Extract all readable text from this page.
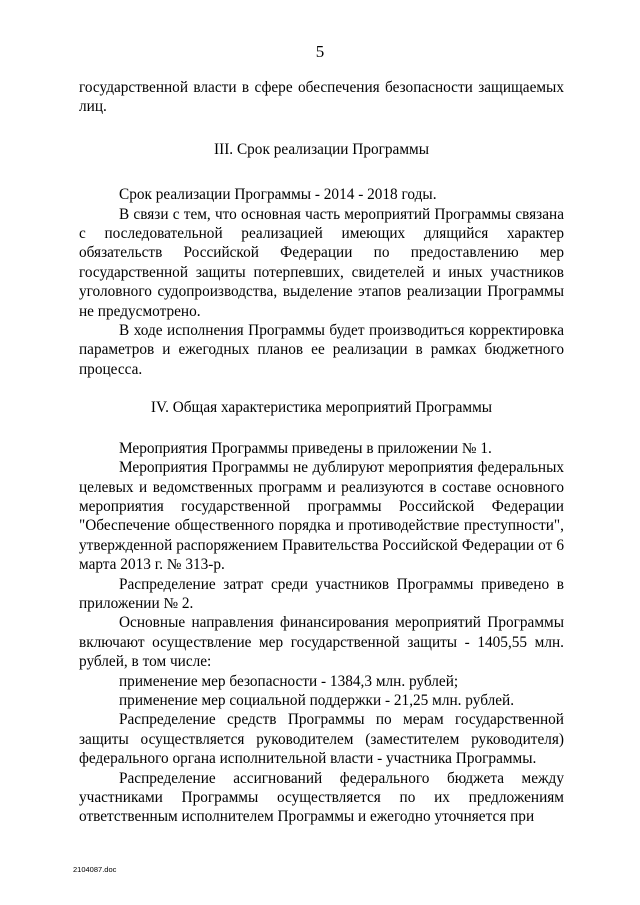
5

государственной власти в сфере обеспечения безопасности защищаемых лиц.

III. Срок реализации Программы

Срок реализации Программы - 2014 - 2018 годы.

В связи с тем, что основная часть мероприятий Программы связана с последовательной реализацией имеющих длящийся характер обязательств Российской Федерации по предоставлению мер государственной защиты потерпевших, свидетелей и иных участников уголовного судопроизводства, выделение этапов реализации Программы не предусмотрено.

В ходе исполнения Программы будет производиться корректировка параметров и ежегодных планов ее реализации в рамках бюджетного процесса.

IV. Общая характеристика мероприятий Программы

Мероприятия Программы приведены в приложении № 1.

Мероприятия Программы не дублируют мероприятия федеральных целевых и ведомственных программ и реализуются в составе основного мероприятия государственной программы Российской Федерации "Обеспечение общественного порядка и противодействие преступности", утвержденной распоряжением Правительства Российской Федерации от 6 марта 2013 г. № 313-р.

Распределение затрат среди участников Программы приведено в приложении № 2.

Основные направления финансирования мероприятий Программы включают осуществление мер государственной защиты - 1405,55 млн. рублей, в том числе:

применение мер безопасности - 1384,3 млн. рублей;

применение мер социальной поддержки - 21,25 млн. рублей.

Распределение средств Программы по мерам государственной защиты осуществляется руководителем (заместителем руководителя) федерального органа исполнительной власти - участника Программы.

Распределение ассигнований федерального бюджета между участниками Программы осуществляется по их предложениям ответственным исполнителем Программы и ежегодно уточняется при

2104087.doc
